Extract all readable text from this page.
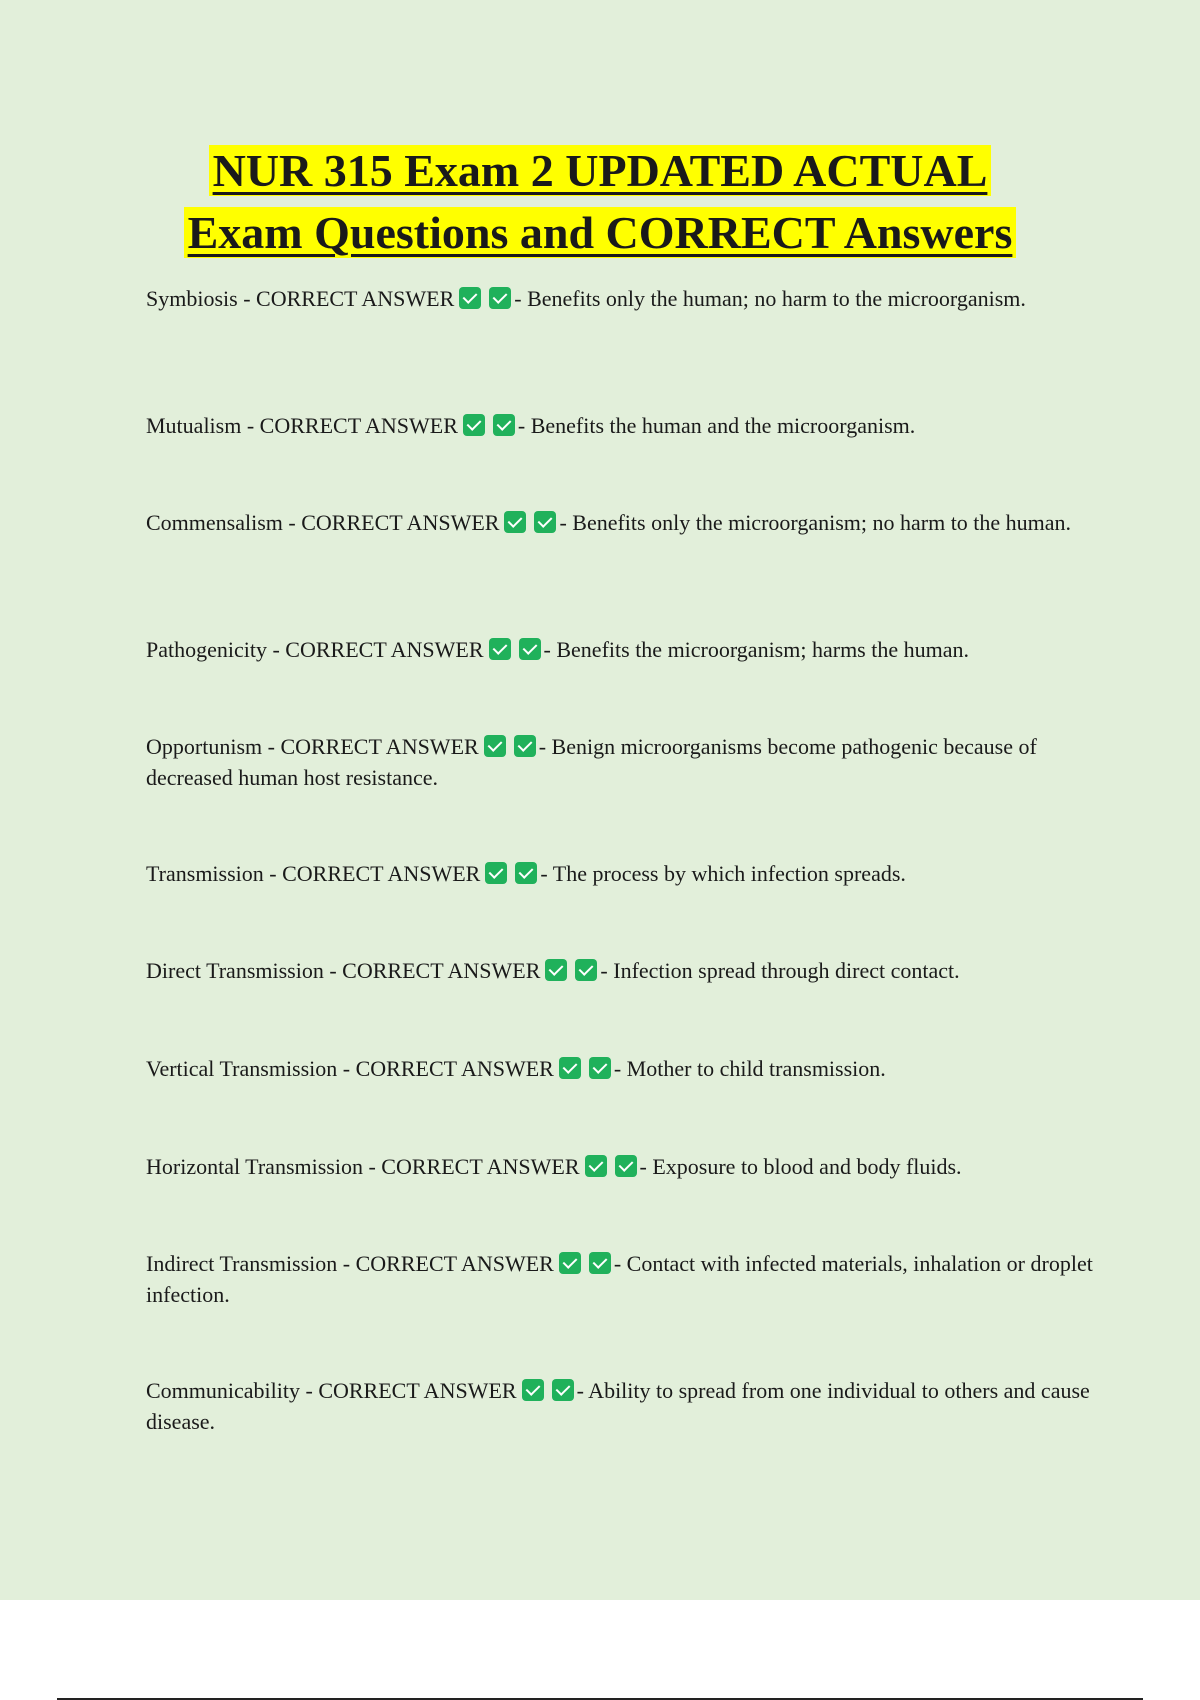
NUR 315 Exam 2 UPDATED ACTUAL
Exam Questions and CORRECT Answers
Symbiosis - CORRECT ANSWER	- Benefits only the human; no harm to the microorganism.
Mutualism - CORRECT ANSWER	- Benefits the human and the microorganism.
Commensalism - CORRECT ANSWER	- Benefits only the microorganism; no harm to the human.
Pathogenicity - CORRECT ANSWER	- Benefits the microorganism; harms the human.
Opportunism - CORRECT ANSWER	- Benign microorganisms become pathogenic because of decreased human host resistance.
Transmission - CORRECT ANSWER	- The process by which infection spreads.
Direct Transmission - CORRECT ANSWER	- Infection spread through direct contact.
Vertical Transmission - CORRECT ANSWER	- Mother to child transmission.
Horizontal Transmission - CORRECT ANSWER	- Exposure to blood and body fluids.
Indirect Transmission - CORRECT ANSWER	- Contact with infected materials, inhalation or droplet infection.
Communicability - CORRECT ANSWER	- Ability to spread from one individual to others and cause disease.
